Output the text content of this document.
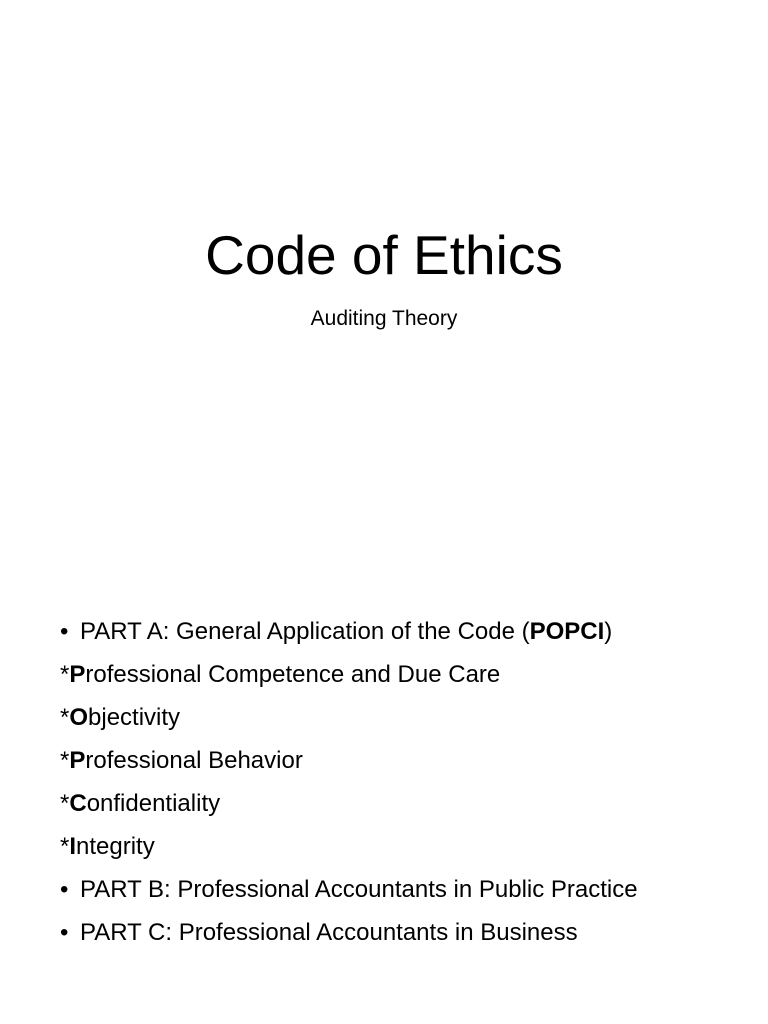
Code of Ethics

Auditing Theory

• PART A: General Application of the Code (POPCI)
*Professional Competence and Due Care
*Objectivity
*Professional Behavior
*Confidentiality
*Integrity
• PART B: Professional Accountants in Public Practice
• PART C: Professional Accountants in Business
